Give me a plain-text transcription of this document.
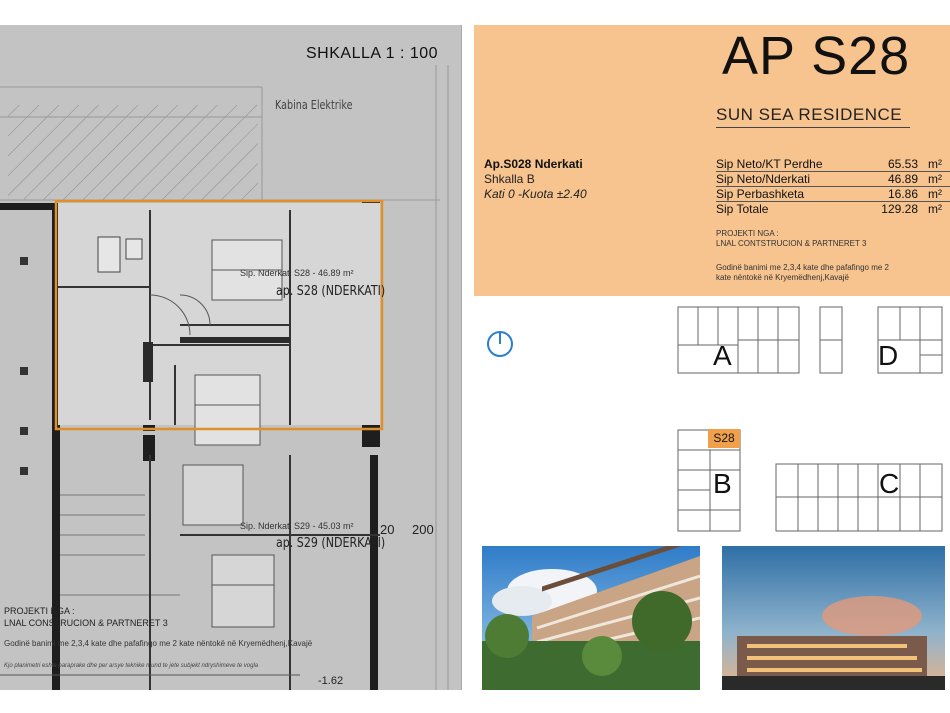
SHKALLA 1 : 100
Kabina Elektrike
Sip. Nderkati S28 - 46.89 m²
ap. S28 (NDERKATI)
Sip. Nderkati S29 - 45.03 m²
ap. S29 (NDERKATI)
20 200
PROJEKTI NGA :
LNAL CONSTRUCION & PARTNERET 3
Godinë banimi me 2,3,4 kate dhe pafafingo me 2 kate nëntokë në Kryemëdhenj,Kavajë
Kjo planimetri eshte paraprake dhe per arsye teknike mund te jete subjekt ndryshimeve te vogla
-1.62
AP S28
SUN SEA RESIDENCE
Ap.S028 Nderkati
Shkalla B
Kati 0 -Kuota ±2.40
Sip Neto/KT Perdhe	65.53 m²
Sip Neto/Nderkati	46.89 m²
Sip Perbashketa	16.86 m²
Sip Totale	129.28 m²
PROJEKTI NGA :
LNAL CONTSTRUCION & PARTNERET 3
Godinë banimi me 2,3,4 kate dhe pafafingo me 2
kate nëntokë në Kryemëdhenj,Kavajë
S28
A	D
B	C
